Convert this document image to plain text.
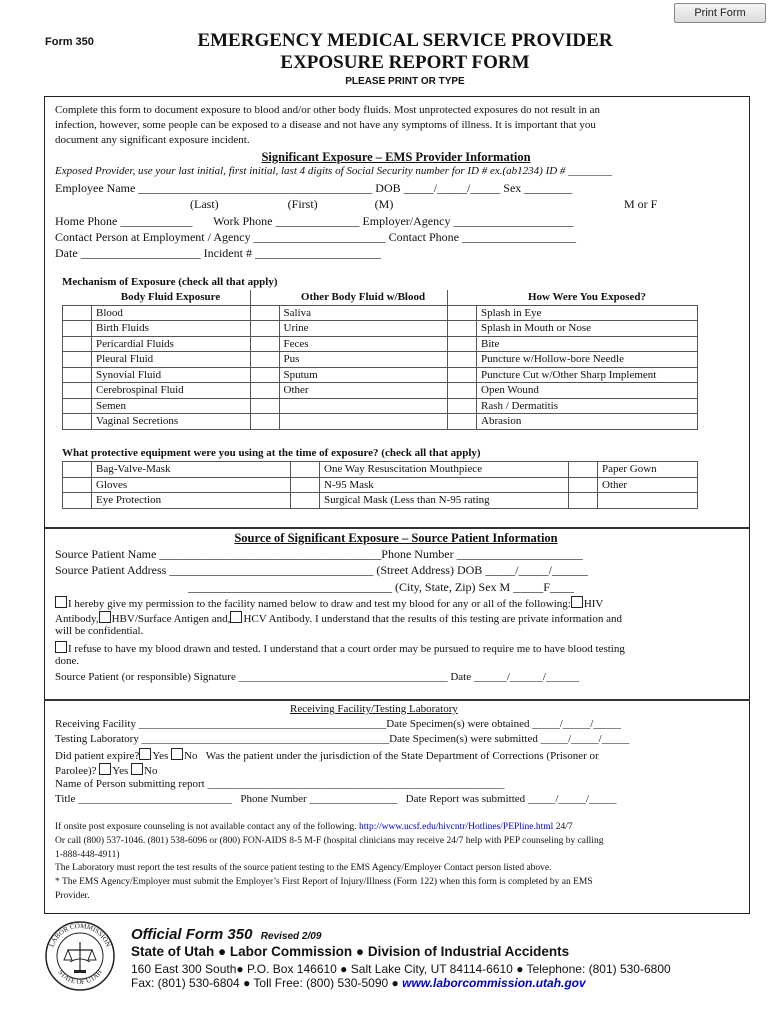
Print Form
Form 350	EMERGENCY MEDICAL SERVICE PROVIDER
EXPOSURE REPORT FORM
PLEASE PRINT OR TYPE
Complete this form to document exposure to blood and/or other body fluids. Most unprotected exposures do not result in an
infection, however, some people can be exposed to a disease and not have any symptoms of illness. It is important that you
document any significant exposure incident.
Significant Exposure – EMS Provider Information
Exposed Provider, use your last initial, first initial, last 4 digits of Social Security number for ID # ex.(ab1234) ID # ________
Employee Name _______________________________________ DOB _____/_____/_____ Sex ________
(Last)                       (First)                   (M)	M or F
Home Phone ____________       Work Phone ______________ Employer/Agency ____________________
Contact Person at Employment / Agency ______________________ Contact Phone ___________________
Date ____________________ Incident # _____________________
Mechanism of Exposure (check all that apply)
	Body Fluid Exposure		Other Body Fluid w/Blood		How Were You Exposed?
	Blood		Saliva		Splash in Eye
	Birth Fluids		Urine		Splash in Mouth or Nose
	Pericardial Fluids		Feces		Bite
	Pleural Fluid		Pus		Puncture w/Hollow-bore Needle
	Synovial Fluid		Sputum		Puncture Cut w/Other Sharp Implement
	Cerebrospinal Fluid		Other		Open Wound
	Semen				Rash / Dermatitis
	Vaginal Secretions				Abrasion
What protective equipment were you using at the time of exposure? (check all that apply)
	Bag-Valve-Mask		One Way Resuscitation Mouthpiece		Paper Gown
	Gloves		N-95 Mask		Other
	Eye Protection		Surgical Mask (Less than N-95 rating		
Source of Significant Exposure – Source Patient Information
Source Patient Name _____________________________________Phone Number _____________________
Source Patient Address __________________________________ (Street Address) DOB _____/_____/______
__________________________________ (City, State, Zip) Sex M _____F____
I hereby give my permission to the facility named below to draw and test my blood for any or all of the following: HIV
Antibody, HBV/Surface Antigen and, HCV Antibody. I understand that the results of this testing are private information and
will be confidential.
I refuse to have my blood drawn and tested. I understand that a court order may be pursued to require me to have blood testing
done.
Source Patient (or responsible) Signature ______________________________________ Date ______/______/______
Receiving Facility/Testing Laboratory
Receiving Facility _____________________________________________Date Specimen(s) were obtained _____/_____/_____
Testing Laboratory _____________________________________________Date Specimen(s) were submitted _____/_____/_____
Did patient expire? Yes No Was the patient under the jurisdiction of the State Department of Corrections (Prisoner or
Parolee)? Yes No
Name of Person submitting report ______________________________________________________
Title ____________________________   Phone Number ________________   Date Report was submitted _____/_____/_____
If onsite post exposure counseling is not available contact any of the following. http://www.ucsf.edu/hivcntr/Hotlines/PEPline.html 24/7
Or call (800) 537-1046. (801) 538-6096 or (800) FON-AIDS 8-5 M-F (hospital clinicians may receive 24/7 help with PEP counseling by calling
1-888-448-4911)
The Laboratory must report the test results of the source patient testing to the EMS Agency/Employer Contact person listed above.
* The EMS Agency/Employer must submit the Employer’s First Report of Injury/Illness (Form 122) when this form is completed by an EMS
Provider.
LABOR COMMISSION
STATE OF UTAH
Official Form 350 Revised 2/09
State of Utah ● Labor Commission ● Division of Industrial Accidents
160 East 300 South● P.O. Box 146610 ● Salt Lake City, UT 84114-6610 ● Telephone: (801) 530-6800
Fax: (801) 530-6804 ● Toll Free: (800) 530-5090 ● www.laborcommission.utah.gov
